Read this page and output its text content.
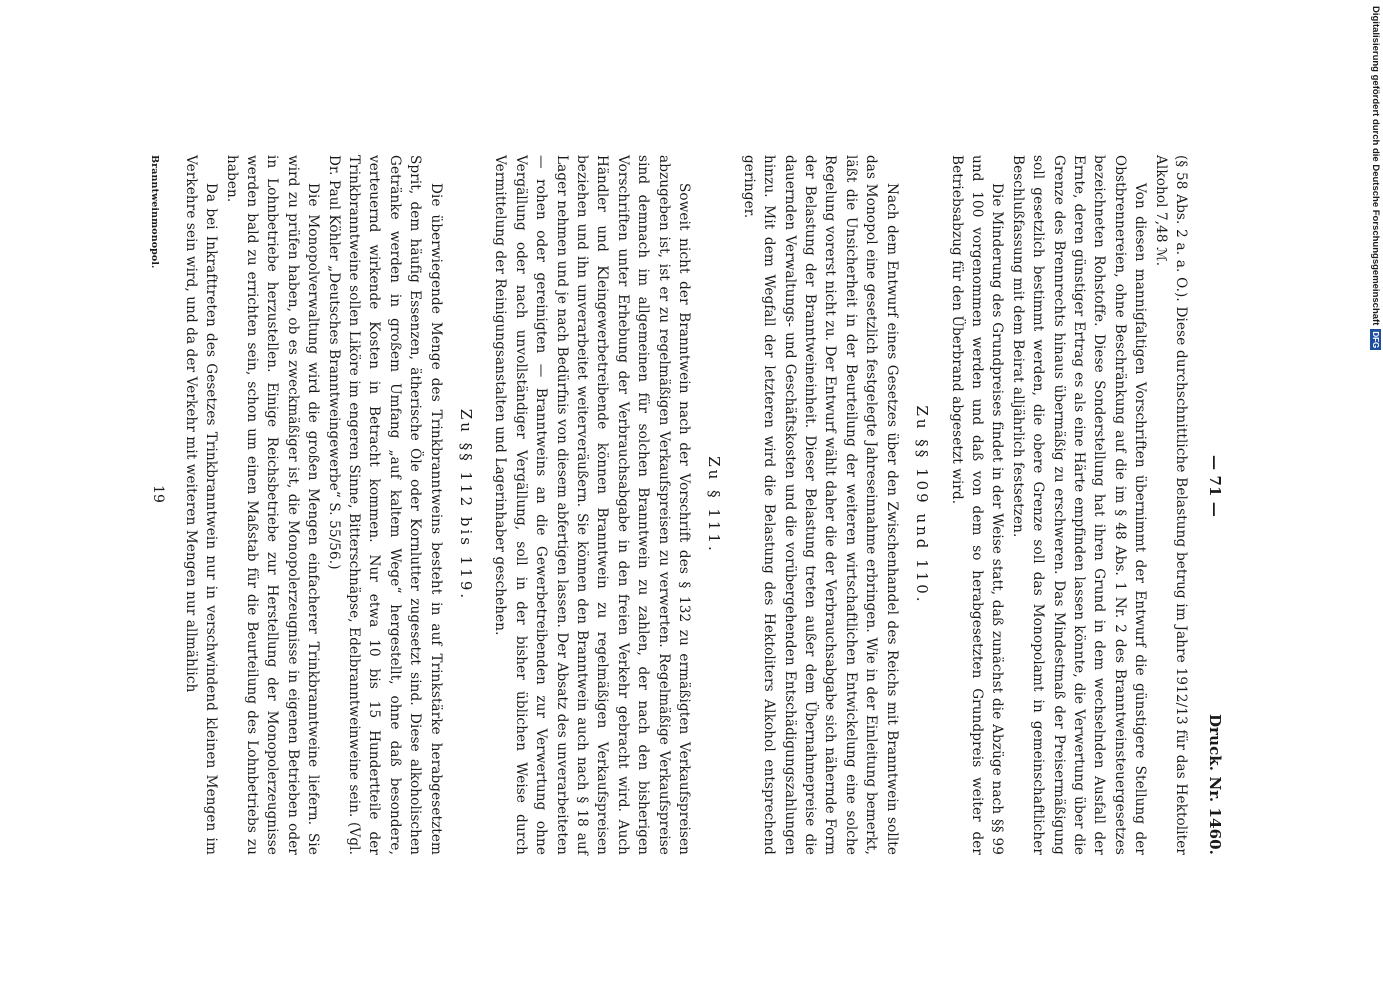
— 71 —
Druck. Nr. 1460.

(§ 58 Abs. 2 a. a. O.). Diese durchschnittliche Belastung betrug im Jahre 1912/13 für das Hektoliter Alkohol 7,48 ℳ.

Von diesen mannigfaltigen Vorschriften übernimmt der Entwurf die günstigere Stellung der Obstbrennereien, ohne Beschränkung auf die im § 48 Abs. 1 Nr. 2 des Branntweinsteuergesetzes bezeichneten Rohstoffe. Diese Sonderstellung hat ihren Grund in dem wechselnden Ausfall der Ernte, deren günstiger Ertrag es als eine Härte empfinden lassen könnte, die Verwertung über die Grenze des Brennrechts hinaus übermäßig zu erschweren. Das Mindestmaß der Preisermäßigung soll gesetzlich bestimmt werden, die obere Grenze soll das Monopolamt in gemeinschaftlicher Beschlußfassung mit dem Beirat alljährlich festsetzen.

Die Minderung des Grundpreises findet in der Weise statt, daß zunächst die Abzüge nach §§ 99 und 100 vorgenommen werden und daß von dem so herabgesetzten Grundpreis weiter der Betriebsabzug für den Überbrand abgesetzt wird.

Zu §§ 109 und 110.

Nach dem Entwurf eines Gesetzes über den Zwischenhandel des Reichs mit Branntwein sollte das Monopol eine gesetzlich festgelegte Jahreseinnahme erbringen. Wie in der Einleitung bemerkt, läßt die Unsicherheit in der Beurteilung der weiteren wirtschaftlichen Entwickelung eine solche Regelung vorerst nicht zu. Der Entwurf wählt daher die der Verbrauchsabgabe sich nähernde Form der Belastung der Branntweineinheit. Dieser Belastung treten außer dem Übernahmepreise die dauernden Verwaltungs- und Geschäftskosten und die vorübergehenden Entschädigungszahlungen hinzu. Mit dem Wegfall der letzteren wird die Belastung des Hektoliters Alkohol entsprechend geringer.

Zu § 111.

Soweit nicht der Branntwein nach der Vorschrift des § 132 zu ermäßigten Verkaufspreisen abzugeben ist, ist er zu regelmäßigen Verkaufspreisen zu verwerten. Regelmäßige Verkaufspreise sind demnach im allgemeinen für solchen Branntwein zu zahlen, der nach den bisherigen Vorschriften unter Erhebung der Verbrauchsabgabe in den freien Verkehr gebracht wird. Auch Händler und Kleingewerbetreibende können Branntwein zu regelmäßigen Verkaufspreisen beziehen und ihn unverarbeitet weiterveräußern. Sie können den Branntwein auch nach § 18 auf Lager nehmen und je nach Bedürfnis von diesem abfertigen lassen. Der Absatz des unverarbeiteten — rohen oder gereinigten — Branntweins an die Gewerbetreibenden zur Verwertung ohne Vergällung oder nach unvollständiger Vergällung, soll in der bisher üblichen Weise durch Vermittelung der Reinigungsanstalten und Lagerinhaber geschehen.

Zu §§ 112 bis 119.

Die überwiegende Menge des Trinkbranntweins besteht in auf Trinkstärke herabgesetztem Sprit, dem häufig Essenzen, ätherische Öle oder Kornlutter zugesetzt sind. Diese alkoholischen Getränke werden in großem Umfang „auf kaltem Wege“ hergestellt, ohne daß besondere, verteuernd wirkende Kosten in Betracht kommen. Nur etwa 10 bis 15 Hundertteile der Trinkbranntweine sollen Liköre im engeren Sinne, Bitterschnäpse, Edelbranntweinweine sein. (Vgl. Dr. Paul Köhler „Deutsches Branntweingewerbe“ S. 55/56.)

Die Monopolverwaltung wird die großen Mengen einfacherer Trinkbranntweine liefern. Sie wird zu prüfen haben, ob es zweckmäßiger ist, die Monopolerzeugnisse in eigenen Betrieben oder in Lohnbetriebe herzustellen. Einige Reichsbetriebe zur Herstellung der Monopolerzeugnisse werden bald zu errichten sein, schon um einen Maßstab für die Beurteilung des Lohnbetriebs zu haben.

Da bei Inkrafttreten des Gesetzes Trinkbranntwein nur in verschwindend kleinen Mengen im Verkehre sein wird, und da der Verkehr mit weiteren Mengen nur allmählich

Branntweinmonopol.
19
Digitalisierung gefördert durch die Deutsche ForschungsgemeinschaftDFG
